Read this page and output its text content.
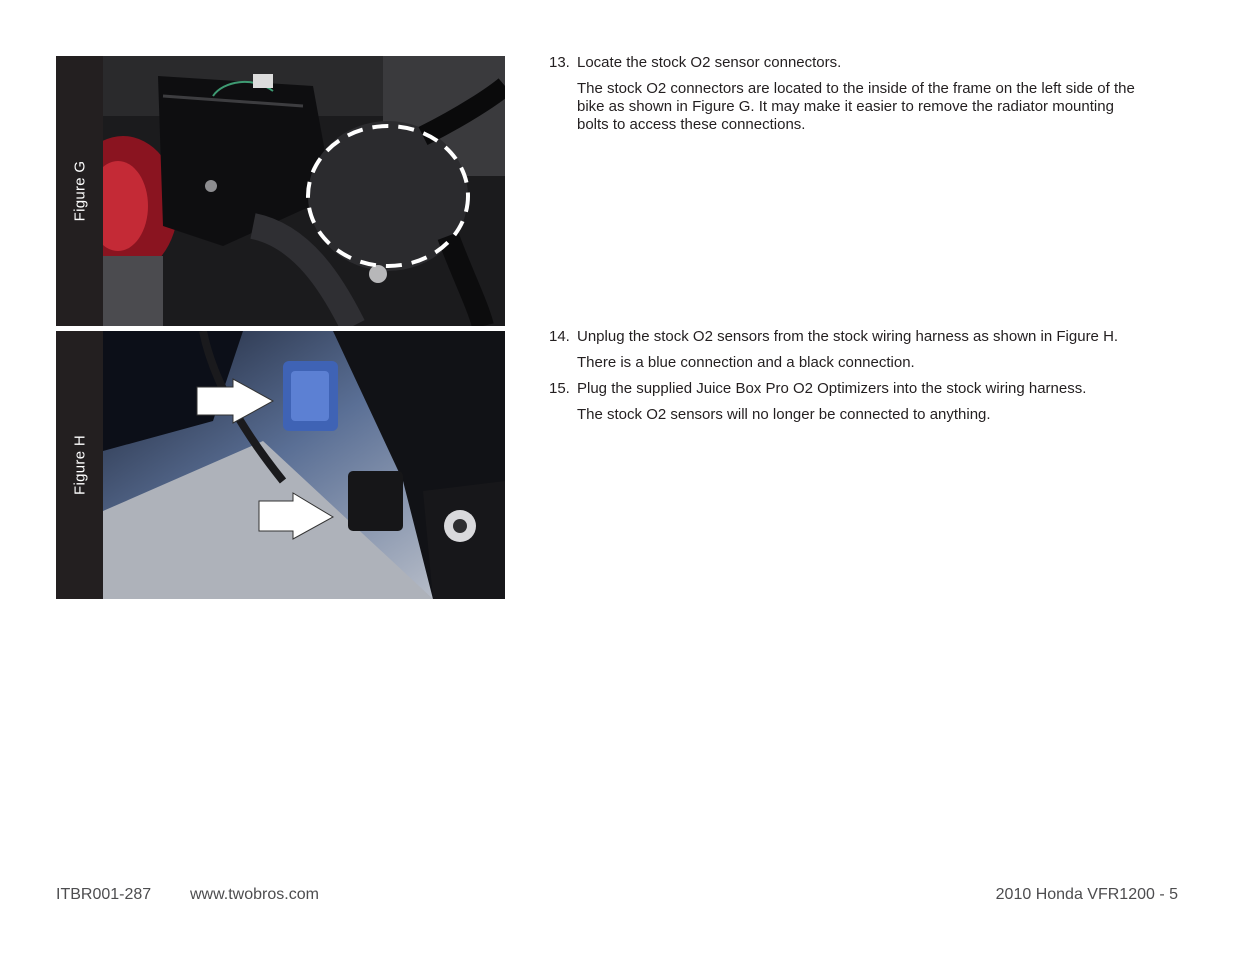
Figure G
Figure H
13. Locate the stock O2 sensor connectors.
The stock O2 connectors are located to the inside of the frame on the left side of the bike as shown in Figure G. It may make it easier to remove the radiator mounting bolts to access these connections.
14. Unplug the stock O2 sensors from the stock wiring harness as shown in Figure H.
There is a blue connection and a black connection.
15. Plug the supplied Juice Box Pro O2 Optimizers into the stock wiring harness.
The stock O2 sensors will no longer be connected to anything.
ITBR001-287 www.twobros.com	2010 Honda VFR1200 - 5
